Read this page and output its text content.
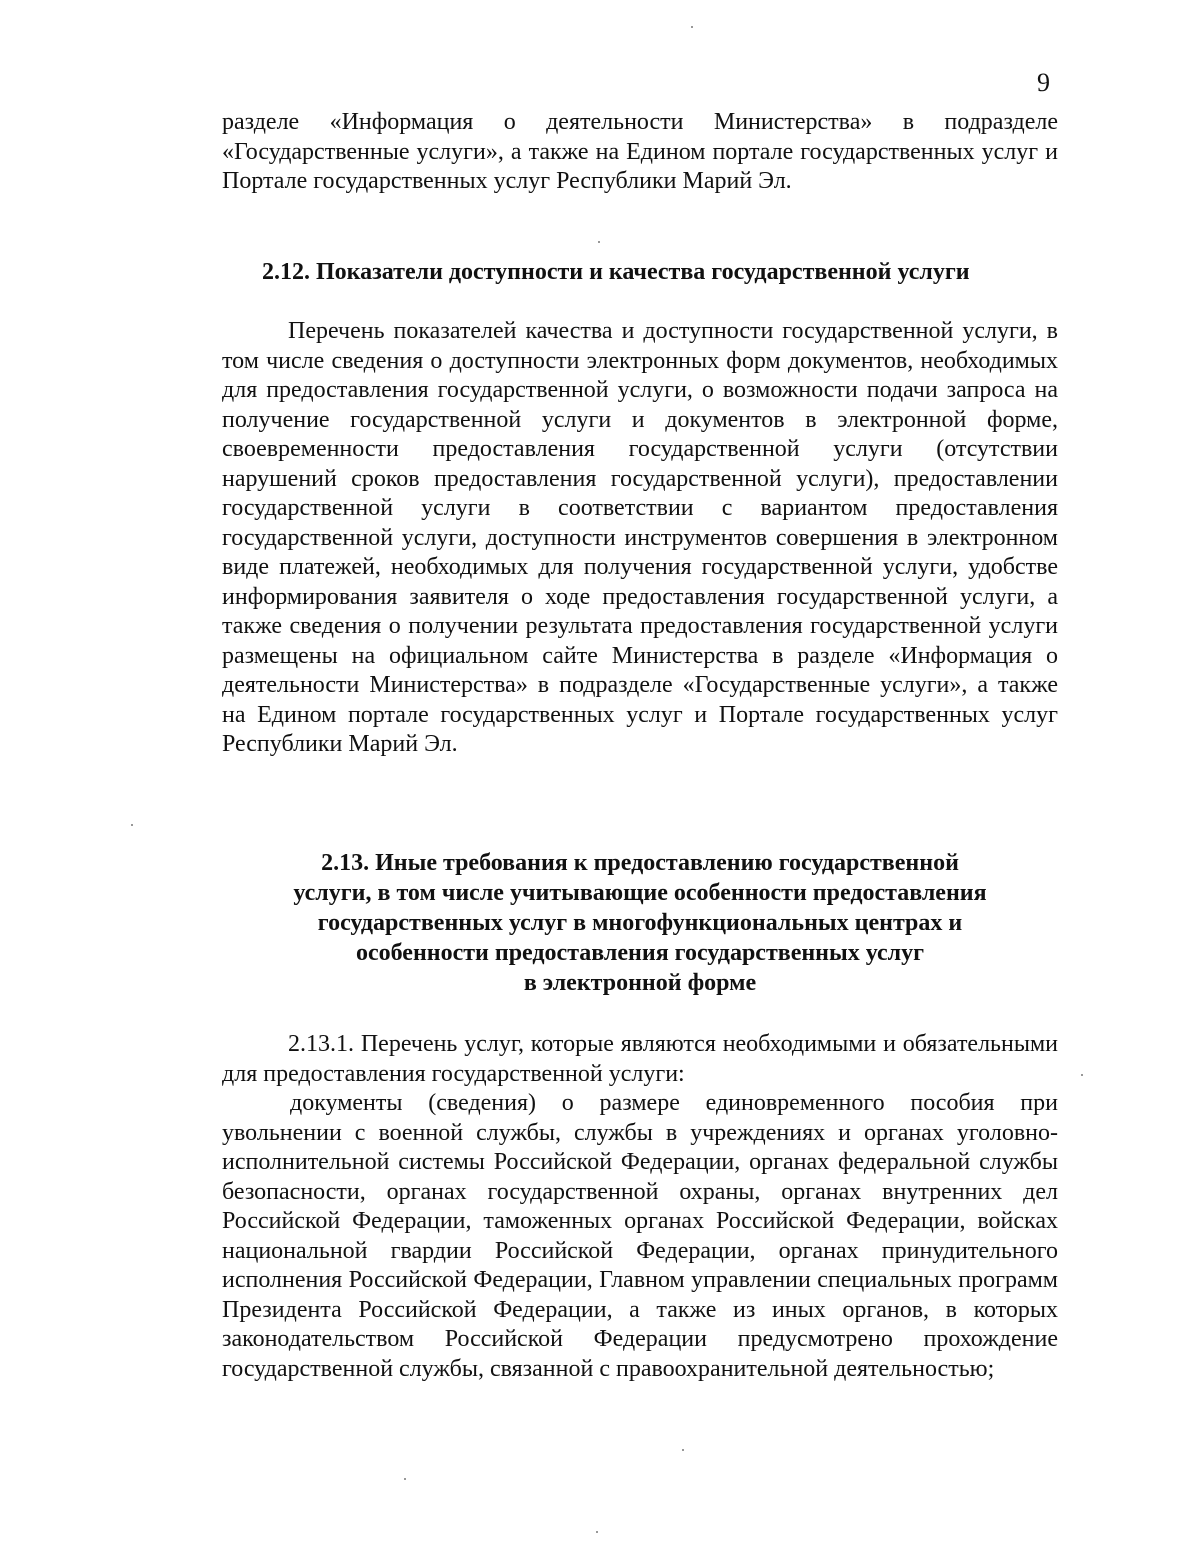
9

разделе «Информация о деятельности Министерства» в подразделе «Государственные услуги», а также на Едином портале государственных услуг и Портале государственных услуг Республики Марий Эл.

2.12. Показатели доступности и качества государственной услуги

Перечень показателей качества и доступности государственной услуги, в том числе сведения о доступности электронных форм документов, необходимых для предоставления государственной услуги, о возможности подачи запроса на получение государственной услуги и документов в электронной форме, своевременности предоставления государственной услуги (отсутствии нарушений сроков предоставления государственной услуги), предоставлении государственной услуги в соответствии с вариантом предоставления государственной услуги, доступности инструментов совершения в электронном виде платежей, необходимых для получения государственной услуги, удобстве информирования заявителя о ходе предоставления государственной услуги, а также сведения о получении результата предоставления государственной услуги размещены на официальном сайте Министерства в разделе «Информация о деятельности Министерства» в подразделе «Государственные услуги», а также на Едином портале государственных услуг и Портале государственных услуг Республики Марий Эл.

2.13. Иные требования к предоставлению государственной
услуги, в том числе учитывающие особенности предоставления
государственных услуг в многофункциональных центрах и
особенности предоставления государственных услуг
в электронной форме

2.13.1. Перечень услуг, которые являются необходимыми и обязательными для предоставления государственной услуги:

документы (сведения) о размере единовременного пособия при увольнении с военной службы, службы в учреждениях и органах уголовно-исполнительной системы Российской Федерации, органах федеральной службы безопасности, органах государственной охраны, органах внутренних дел Российской Федерации, таможенных органах Российской Федерации, войсках национальной гвардии Российской Федерации, органах принудительного исполнения Российской Федерации, Главном управлении специальных программ Президента Российской Федерации, а также из иных органов, в которых законодательством Российской Федерации предусмотрено прохождение государственной службы, связанной с правоохранительной деятельностью;
